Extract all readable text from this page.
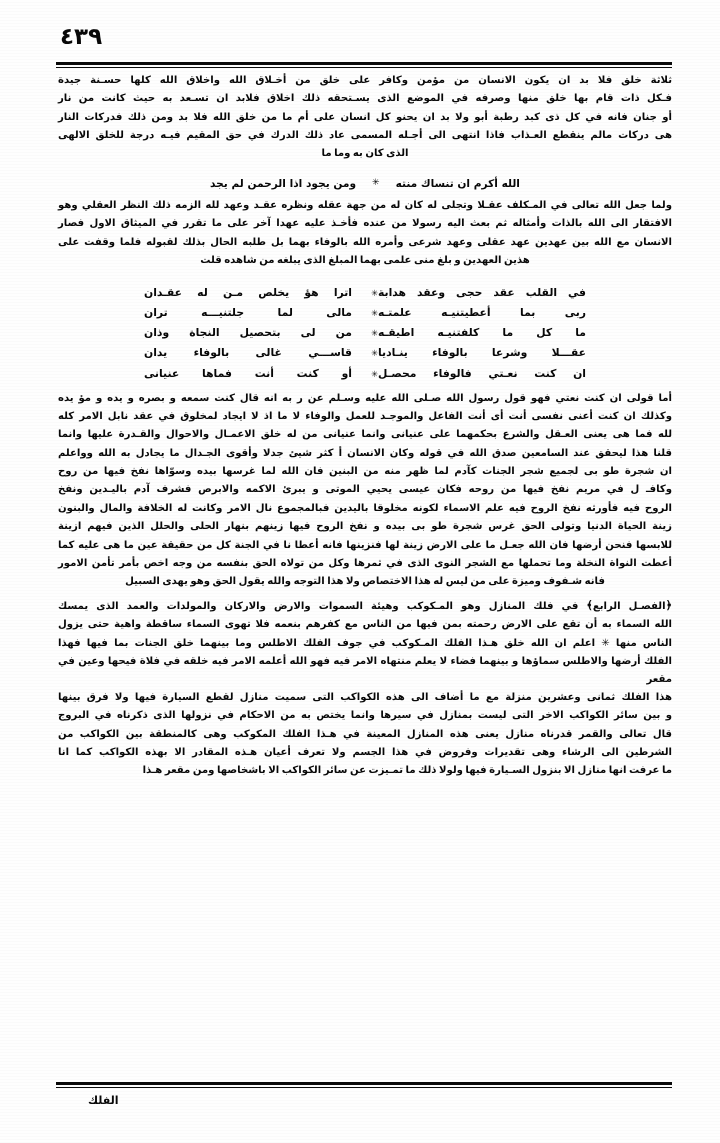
٤٣٩
ثلاثة خلق فلا بد ان يكون الانسان من مؤمن وكافر على خلق من أخـلاق الله واخلاق الله كلها حسـنة جيدة
فـكل ذات قام بها خلق منها وصرفه في الموضع الذى يسـتحقه ذلك اخلاق فلابد ان تسـعد به حيث كانت من نار
أو جنان فانه في كل ذى كبد رطبة أبو ولا بد ان يحنو كل انسان على أم ما من خلق الله فلا بد ومن ذلك فدركات النار
هى دركات مالم ينقطع العـذاب فاذا انتهى الى أجـله المسمى عاد ذلك الدرك في حق المقيم فيـه درجة للخلق الالهى
الذى كان به وما ما
الله أكرم ان تنساك منته✳ومن يجود اذا الرحمن لم يجد
ولما جعل الله تعالى في المـكلف عقـلا وتجلى له كان له من جهة عقله ونظره عقـد وعهد لله الزمه ذلك النظر العقلي وهو
الافتقار الى الله بالذات وأمثاله ثم بعث اليه رسولا من عنده فأخـذ عليه عهدا آخر على ما تقرر في الميثاق الاول فصار
الانسان مع الله بين عهدين عهد عقلى وعهد شرعى وأمره الله بالوفاء بهما بل طلبه الحال بذلك لقبوله فلما وقفت على
هذين العهدين و بلغ منى علمى بهما المبلغ الذى يبلغه من شاهده قلت
في القلب عقد حجى وعقد هدابة
✳
اترا هؤ يخلص مـن له عقـدان
ربى بما أعطيتنيـه علمتـه
✳
مالى لما جلتنيـــه تران
ما كل ما كلفتنيـه اطيقـه
✳
من لى بتحصيل النجاة وذان
عقـــلا وشرعا بالوفاء ينـاديا
✳
قاســـي غالى بالوفاء يدان
ان كنت نعـتي فالوفاء محصـل
✳
أو كنت أنت فماها عنيانى
أما قولى ان كنت نعتي فهو قول رسول الله صـلى الله عليه وسـلم عن ر به انه قال كنت سمعه و بصره و يده و مؤ يده
وكذلك ان كنت أعنى نفسى أنت أى أنت الفاعل والموجـد للعمل والوفاء لا ما اذ لا ايجاد لمخلوق في عقد نابل الامر كله
لله فما هى يعنى العـقل والشرع بحكمهما على عنيانى وانما عنيانى من له خلق الاعمـال والاحوال والقـدرة عليها وانما
قلنا هذا ليحقق عند السامعين صدق الله في قوله وكان الانسان أ كثر شيئ جدلا وأقوى الجـدال ما يجادل به الله وواعلم
ان شجرة طو بى لجميع شجر الجنات كآدم لما ظهر منه من البنين فان الله لما غرسها بيده وسوّاها نفخ فيها من روح
وكافـ ل في مريم نفخ فيها من روحه فكان عيسى يحيي الموتى و يبرئ الاكمه والابرص فشرف آدم باليـدين ونفخ
الروح فيه فأورثه نفخ الروح فيه علم الاسماء لكونه مخلوقا باليدين فبالمجموع نال الامر وكانت له الخلافة والمال والبنون
زينة الحياة الدنيا وتولى الحق غرس شجرة طو بى بيده و نفخ الروح فيها زينهم بنهار الحلى والحلل الذين فيهم ازينة
للابسها فنحن أرضها فان الله جعـل ما على الارض زينة لها فنزينها فانه أعطا نا في الجنة كل من حقيقة عين ما هى عليه كما
أعطت النواة النخلة وما تحملها مع الشجر النوى الذى في ثمرها وكل من تولاه الحق بنفسه من وجه اخص بأمر تأمن الامور
فانه شـفوف وميزة على من ليس له هذا الاختصاص ولا هذا التوجه والله يقول الحق وهو يهدى السبيل
﴿الفصـل الرابع﴾ في فلك المنازل وهو المـكوكب وهيئة السموات والارض والاركان والمولدات والعمد الذى يمسك
الله السماء به أن تقع على الارض رحمته بمن فيها من الناس مع كفرهم بنعمه فلا تهوى السماء ساقطة واهية حتى يزول
الناس منها ✳ اعلم ان الله خلق هـذا الفلك المـكوكب في جوف الفلك الاطلس وما بينهما خلق الجنات بما فيها فهذا
الفلك أرضها والاطلس سماؤها و بينهما فضاء لا يعلم منتهاه الامر فيه فهو الله أعلمه الامر فيه خلقه في فلاة فيحها وعين في مقعر
هذا الفلك ثمانى وعشرين منزلة مع ما أضاف الى هذه الكواكب التى سميت منازل لقطع السيارة فيها ولا فرق بينها
و بين سائر الكواكب الاخر التى ليست بمنازل في سيرها وانما يختص به من الاحكام في نزولها الذى ذكرناه في البروج
قال تعالى والقمر قدرناه منازل يعنى هذه المنازل المعينة في هـذا الفلك المكوكب وهى كالمنطقة بين الكواكب من
الشرطين الى الرشاء وهى تقديرات وفروض في هذا الجسم ولا تعرف أعيان هـذه المقادر الا بهذه الكواكب كما انا
ما عرفت انها منازل الا بنزول السـيارة فيها ولولا ذلك ما تمـيزت عن سائر الكواكب الا باشخاصها ومن مقعر هـذا
الفلك
